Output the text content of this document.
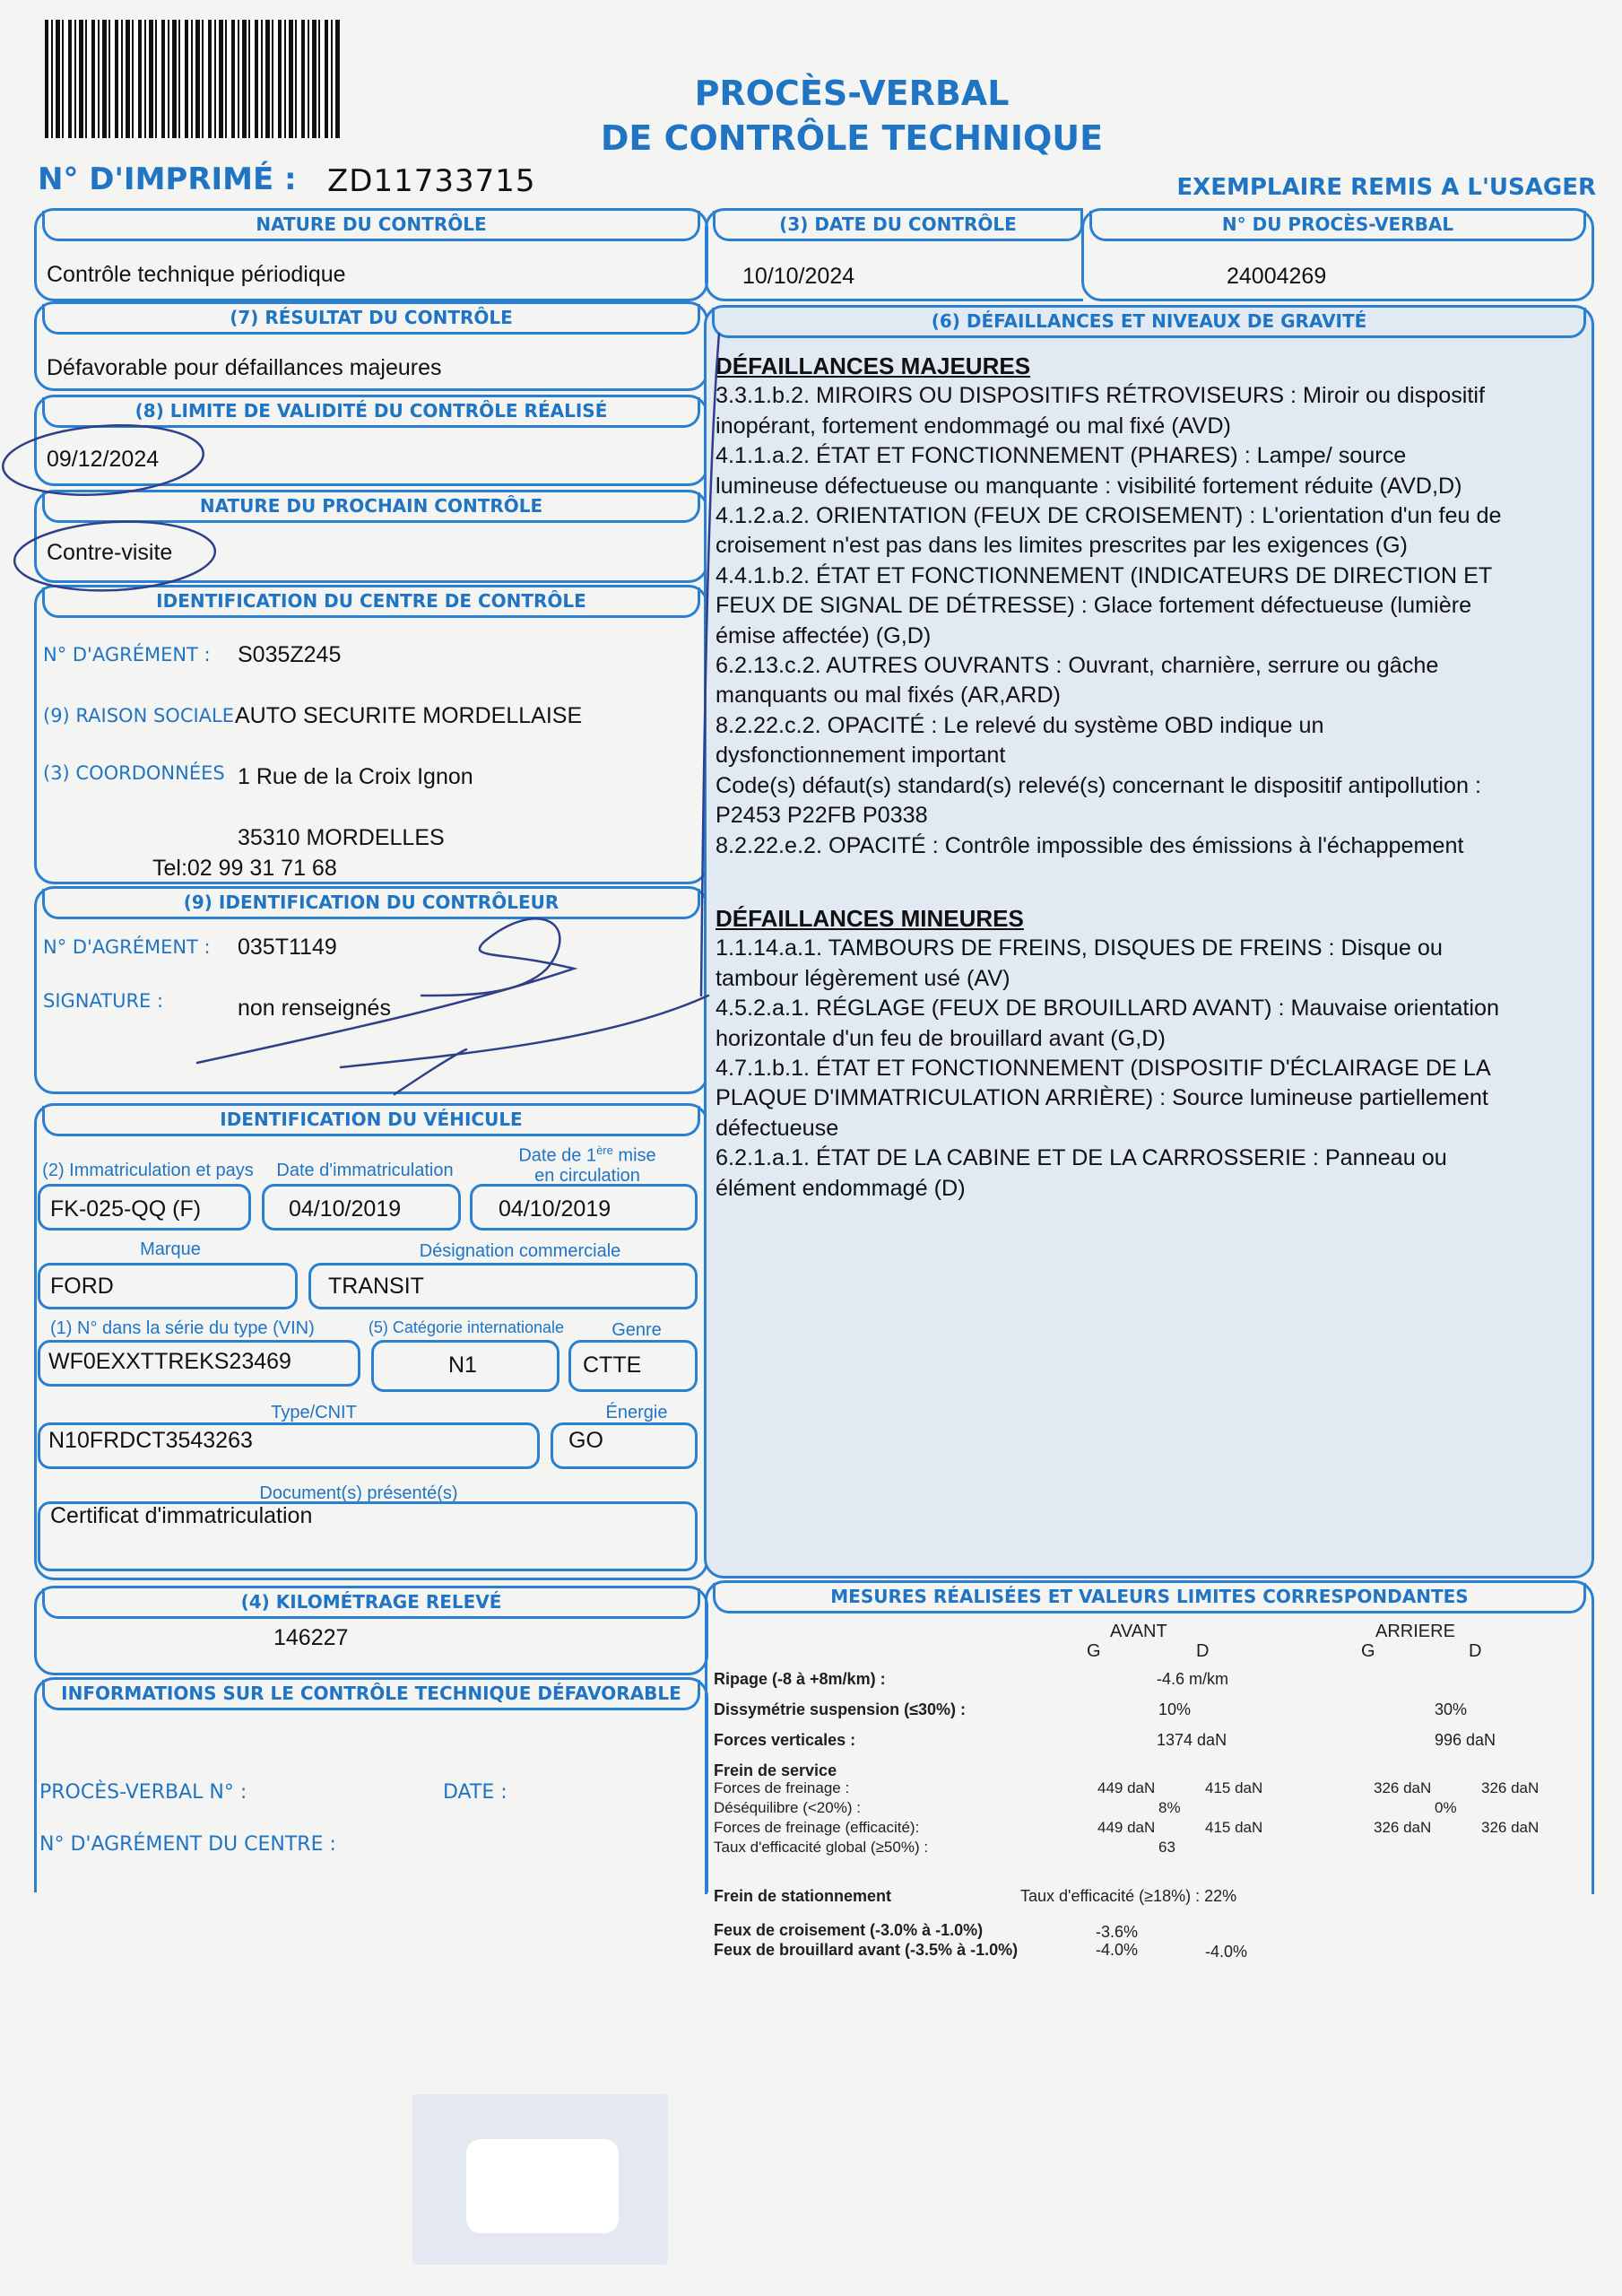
PROCÈS-VERBAL
DE CONTRÔLE TECHNIQUE
N° D'IMPRIMÉ : ZD11733715	EXEMPLAIRE REMIS A L'USAGER
NATURE DU CONTRÔLE
Contrôle technique périodique
(7) RÉSULTAT DU CONTRÔLE
Défavorable pour défaillances majeures
(8) LIMITE DE VALIDITÉ DU CONTRÔLE RÉALISÉ
09/12/2024
NATURE DU PROCHAIN CONTRÔLE
Contre-visite
IDENTIFICATION DU CENTRE DE CONTRÔLE
N° D'AGRÉMENT : S035Z245
(9) RAISON SOCIALE AUTO SECURITE MORDELLAISE
(3) COORDONNÉES 1 Rue de la Croix Ignon
35310 MORDELLES
Tel:02 99 31 71 68
(9) IDENTIFICATION DU CONTRÔLEUR
N° D'AGRÉMENT : 035T1149
SIGNATURE :	non renseignés
IDENTIFICATION DU VÉHICULE
(2) Immatriculation et pays	Date d'immatriculation
Date de 1ère mise
en circulation
FK-025-QQ (F)	04/10/2019	04/10/2019
Marque	Désignation commerciale
FORD	TRANSIT
(1) N° dans la série du type (VIN)	(5) Catégorie internationale	Genre
WF0EXXTTREKS23469	N1	CTTE
Type/CNIT	Énergie
N10FRDCT3543263	GO
Document(s) présenté(s)
Certificat d'immatriculation
(4) KILOMÉTRAGE RELEVÉ
146227
INFORMATIONS SUR LE CONTRÔLE TECHNIQUE DÉFAVORABLE
PROCÈS-VERBAL N° :	DATE :
N° D'AGRÉMENT DU CENTRE :
(3) DATE DU CONTRÔLE
10/10/2024
N° DU PROCÈS-VERBAL
24004269
(6) DÉFAILLANCES ET NIVEAUX DE GRAVITÉ

DÉFAILLANCES MAJEURES

3.3.1.b.2. MIROIRS OU DISPOSITIFS RÉTROVISEURS : Miroir ou dispositif inopérant, fortement endommagé ou mal fixé (AVD)

4.1.1.a.2. ÉTAT ET FONCTIONNEMENT (PHARES) : Lampe/ source lumineuse défectueuse ou manquante : visibilité fortement réduite (AVD,D)

4.1.2.a.2. ORIENTATION (FEUX DE CROISEMENT) : L'orientation d'un feu de croisement n'est pas dans les limites prescrites par les exigences (G)

4.4.1.b.2. ÉTAT ET FONCTIONNEMENT (INDICATEURS DE DIRECTION ET FEUX DE SIGNAL DE DÉTRESSE) : Glace fortement défectueuse (lumière émise affectée) (G,D)

6.2.13.c.2. AUTRES OUVRANTS : Ouvrant, charnière, serrure ou gâche manquants ou mal fixés (AR,ARD)

8.2.22.c.2. OPACITÉ : Le relevé du système OBD indique un dysfonctionnement important

Code(s) défaut(s) standard(s) relevé(s) concernant le dispositif antipollution : P2453 P22FB P0338

8.2.22.e.2. OPACITÉ : Contrôle impossible des émissions à l'échappement

DÉFAILLANCES MINEURES

1.1.14.a.1. TAMBOURS DE FREINS, DISQUES DE FREINS : Disque ou tambour légèrement usé (AV)

4.5.2.a.1. RÉGLAGE (FEUX DE BROUILLARD AVANT) : Mauvaise orientation horizontale d'un feu de brouillard avant (G,D)

4.7.1.b.1. ÉTAT ET FONCTIONNEMENT (DISPOSITIF D'ÉCLAIRAGE DE LA PLAQUE D'IMMATRICULATION ARRIÈRE) : Source lumineuse partiellement défectueuse

6.2.1.a.1. ÉTAT DE LA CABINE ET DE LA CARROSSERIE : Panneau ou élément endommagé (D)

MESURES RÉALISÉES ET VALEURS LIMITES CORRESPONDANTES
AVANT	ARRIERE
G	D	G	D
Ripage (-8 à +8m/km) :	-4.6 m/km
Dissymétrie suspension (≤30%) :	10%	30%
Forces verticales :	1374 daN	996 daN
Frein de service
Forces de freinage :	449 daN	415 daN	326 daN	326 daN
Déséquilibre (<20%) :	8%	0%
Forces de freinage (efficacité):	449 daN	415 daN	326 daN	326 daN
Taux d'efficacité global (≥50%) :	63
Frein de stationnement	Taux d'efficacité (≥18%) : 22%
Feux de croisement (-3.0% à -1.0%)	-3.6%
Feux de brouillard avant (-3.5% à -1.0%)	-4.0%	-4.0%
